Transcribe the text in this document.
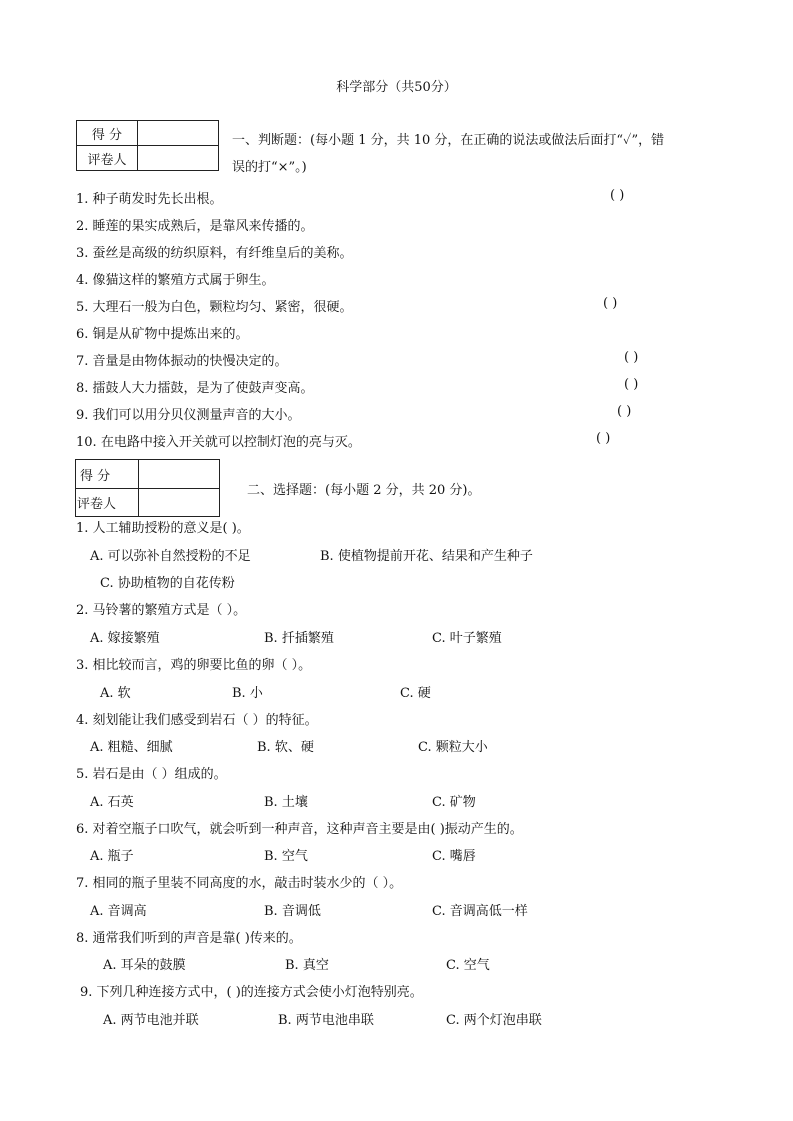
科学部分（共50分）
得 分	
评卷人	
一、判断题：(每小题 1 分，共 10 分，在正确的说法或做法后面打“✓”，错
误的打“×”。)
1. 种子萌发时先长出根。	( )
2. 睡莲的果实成熟后，是靠风来传播的。
3. 蚕丝是高级的纺织原料，有纤维皇后的美称。
4. 像猫这样的繁殖方式属于卵生。
5. 大理石一般为白色，颗粒均匀、紧密，很硬。	( )
6. 铜是从矿物中提炼出来的。
7. 音量是由物体振动的快慢决定的。	( )
8. 擂鼓人大力擂鼓，是为了使鼓声变高。	( )
9. 我们可以用分贝仪测量声音的大小。	( )
10. 在电路中接入开关就可以控制灯泡的亮与灭。	( )
得 分	
评卷人	
二、选择题：(每小题 2 分，共 20 分)。
1. 人工辅助授粉的意义是( )。
A. 可以弥补自然授粉的不足	B. 使植物提前开花、结果和产生种子
C. 协助植物的自花传粉
2. 马铃薯的繁殖方式是（ ）。
A. 嫁接繁殖	B. 扦插繁殖	C. 叶子繁殖
3. 相比较而言，鸡的卵要比鱼的卵（ ）。
A. 软	B. 小	C. 硬
4. 刻划能让我们感受到岩石（ ）的特征。
A. 粗糙、细腻	B. 软、硬	C. 颗粒大小
5. 岩石是由（ ）组成的。
A. 石英	B. 土壤	C. 矿物
6. 对着空瓶子口吹气，就会听到一种声音，这种声音主要是由( )振动产生的。
A. 瓶子	B. 空气	C. 嘴唇
7. 相同的瓶子里装不同高度的水，敲击时装水少的（ ）。
A. 音调高	B. 音调低	C. 音调高低一样
8. 通常我们听到的声音是靠( )传来的。
A. 耳朵的鼓膜	B. 真空	C. 空气
9. 下列几种连接方式中，( )的连接方式会使小灯泡特别亮。
A. 两节电池并联	B. 两节电池串联	C. 两个灯泡串联
